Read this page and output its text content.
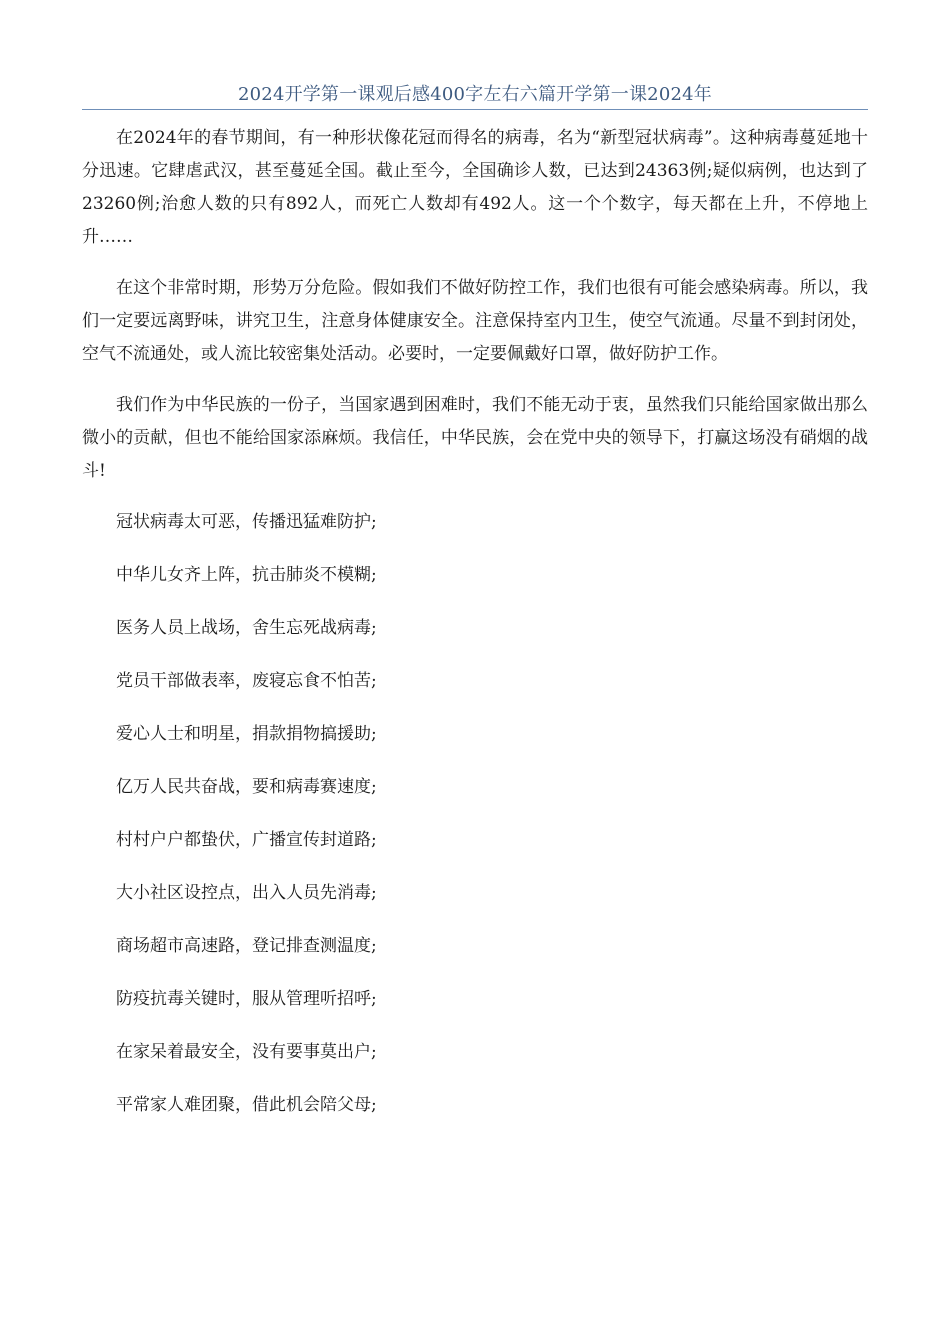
2024开学第一课观后感400字左右六篇开学第一课2024年

在2024年的春节期间，有一种形状像花冠而得名的病毒，名为“新型冠状病毒”。这种病毒蔓延地十分迅速。它肆虐武汉，甚至蔓延全国。截止至今，全国确诊人数，已达到24363例;疑似病例，也达到了23260例;治愈人数的只有892人，而死亡人数却有492人。这一个个数字，每天都在上升，不停地上升……

在这个非常时期，形势万分危险。假如我们不做好防控工作，我们也很有可能会感染病毒。所以，我们一定要远离野味，讲究卫生，注意身体健康安全。注意保持室内卫生，使空气流通。尽量不到封闭处，空气不流通处，或人流比较密集处活动。必要时，一定要佩戴好口罩，做好防护工作。

我们作为中华民族的一份子，当国家遇到困难时，我们不能无动于衷，虽然我们只能给国家做出那么微小的贡献，但也不能给国家添麻烦。我信任，中华民族，会在党中央的领导下，打赢这场没有硝烟的战斗!

冠状病毒太可恶，传播迅猛难防护;

中华儿女齐上阵，抗击肺炎不模糊;

医务人员上战场，舍生忘死战病毒;

党员干部做表率，废寝忘食不怕苦;

爱心人士和明星，捐款捐物搞援助;

亿万人民共奋战，要和病毒赛速度;

村村户户都蛰伏，广播宣传封道路;

大小社区设控点，出入人员先消毒;

商场超市高速路，登记排查测温度;

防疫抗毒关键时，服从管理听招呼;

在家呆着最安全，没有要事莫出户;

平常家人难团聚，借此机会陪父母;
